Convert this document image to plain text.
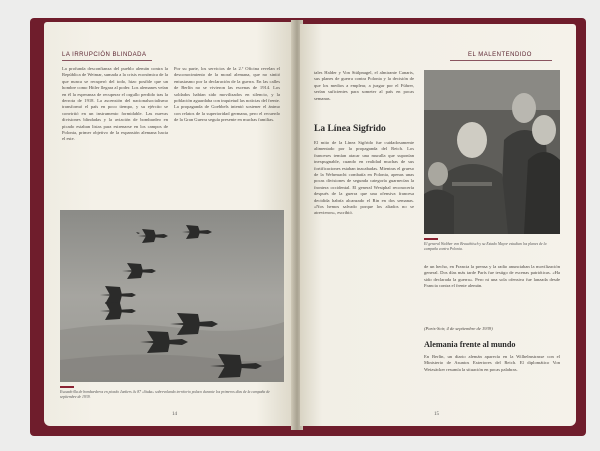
LA IRRUPCIÓN BLINDADA
La profunda desconfianza del pueblo alemán contra la República de Weimar, sumada a la crisis económica de la que nunca se recuperó del todo, hizo posible que un hombre como Hitler llegara al poder. Los alemanes veían en él la esperanza de recuperar el orgullo perdido tras la derrota de 1918. La ascensión del nacionalsocialismo transformó el país en poco tiempo, y su ejército se convirtió en un instrumento formidable. Las nuevas divisiones blindadas y la aviación de bombardeo en picado estaban listas para estrenarse en los campos de Polonia, primer objetivo de la expansión alemana hacia el este.
Por su parte, los servicios de la 2.ª Oficina revelan el desconocimiento de la moral alemana, que no sintió entusiasmo por la declaración de la guerra. En las calles de Berlín no se vivieron las escenas de 1914. Los soldados habían sido movilizados en silencio, y la población aguardaba con inquietud las noticias del frente. La propaganda de Goebbels intentó sostener el ánimo con relatos de la superioridad germana, pero el recuerdo de la Gran Guerra seguía presente en muchas familias.
Escuadrilla de bombarderos en picado Junkers Ju 87 «Stuka» sobrevolando territorio polaco durante los primeros días de la campaña de septiembre de 1939.
14
EL MALENTENDIDO
tales Halder y Von Stülpnagel, el almirante Canaris, sus planes de guerra contra Polonia y la decisión de que los medios a emplear, a juzgar por el Führer, serían suficientes para someter al país en pocas semanas.
La Línea Sigfrido
El mito de la Línea Sigfrido fue cuidadosamente alimentado por la propaganda del Reich. Los franceses temían atacar una muralla que suponían inexpugnable, cuando en realidad muchas de sus fortificaciones estaban inacabadas. Mientras el grueso de la Wehrmacht combatía en Polonia, apenas unas pocas divisiones de segunda categoría guarnecían la frontera occidental. El general Westphal reconocería después de la guerra que una ofensiva francesa decidida habría alcanzado el Rin en dos semanas. «Nos hemos salvado porque los aliados no se atrevieron», escribió.
El general Walther von Brauchitsch y su Estado Mayor estudian los planes de la campaña contra Polonia.
de un hecho, en Francia la prensa y la radio anunciaban la movilización general. Dos días más tarde París fue testigo de escenas patrióticas. «Ha sido declarada la guerra». Pero ni una sola ofensiva fue lanzada desde Francia contra el frente alemán.
(Paris-Soir, 4 de septiembre de 1939)
Alemania frente al mundo
En Berlín, un diario alemán aparecía en la Wilhelmstrasse con el Ministerio de Asuntos Exteriores del Reich. El diplomático Von Weizsäcker resumía la situación en pocas palabras.
15
